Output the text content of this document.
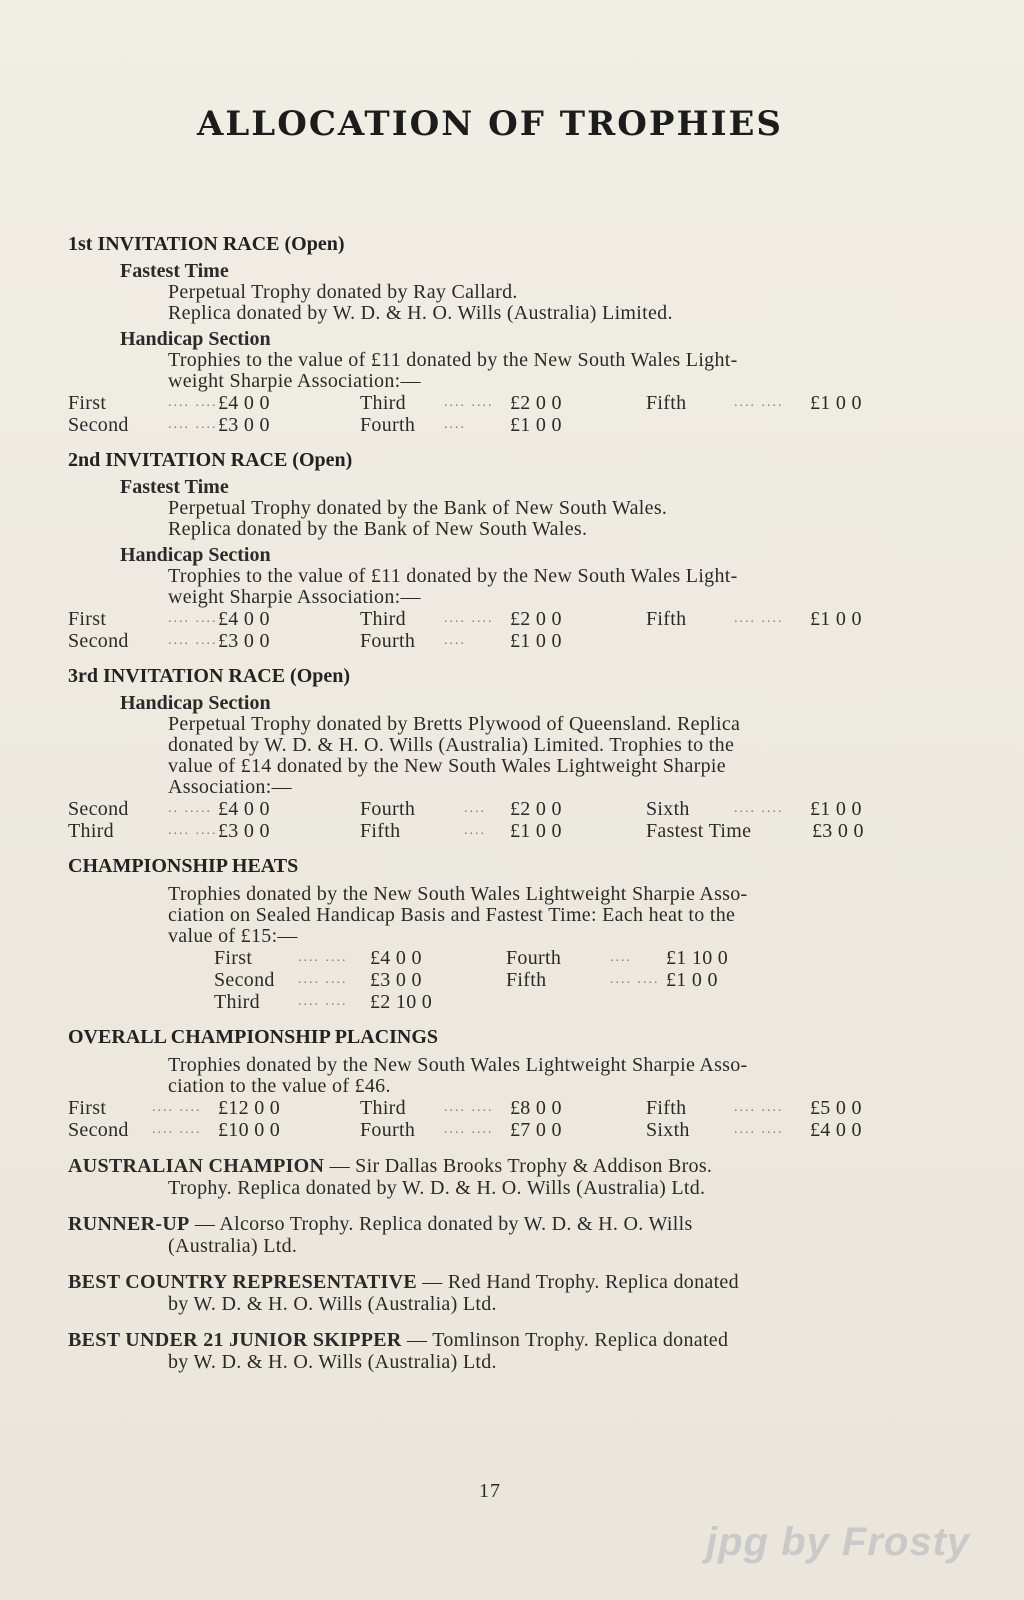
ALLOCATION OF TROPHIES

1st INVITATION RACE (Open)

Fastest Time

Perpetual Trophy donated by Ray Callard.

Replica donated by W. D. & H. O. Wills (Australia) Limited.

Handicap Section

Trophies to the value of £11 donated by the New South Wales Light-

weight Sharpie Association:—

First	.... .... £4 0 0	Third	.... .... £2 0 0	Fifth	.... ....	£1 0 0
Second	.... .... £3 0 0	Fourth	....	£1 0 0

2nd INVITATION RACE (Open)

Fastest Time

Perpetual Trophy donated by the Bank of New South Wales.

Replica donated by the Bank of New South Wales.

Handicap Section

Trophies to the value of £11 donated by the New South Wales Light-

weight Sharpie Association:—

First	.... .... £4 0 0	Third	.... .... £2 0 0	Fifth	.... ....	£1 0 0
Second	.... .... £3 0 0	Fourth	....	£1 0 0

3rd INVITATION RACE (Open)

Handicap Section

Perpetual Trophy donated by Bretts Plywood of Queensland. Replica

donated by W. D. & H. O. Wills (Australia) Limited. Trophies to the

value of £14 donated by the New South Wales Lightweight Sharpie

Association:—

Second	.. ..... £4 0 0	Fourth	....	£2 0 0	Sixth	.... ....	£1 0 0
Third	.... .... £3 0 0	Fifth	....	£1 0 0	Fastest Time	£3 0 0

CHAMPIONSHIP HEATS

Trophies donated by the New South Wales Lightweight Sharpie Asso-

ciation on Sealed Handicap Basis and Fastest Time: Each heat to the

value of £15:—

First	.... ....	£4 0 0	Fourth	....	£1 10 0
Second	.... ....	£3 0 0	Fifth	.... .... £1 0 0
Third	.... ....	£2 10 0

OVERALL CHAMPIONSHIP PLACINGS

Trophies donated by the New South Wales Lightweight Sharpie Asso-

ciation to the value of £46.

First	.... .... £12 0 0	Third	.... .... £8 0 0	Fifth	.... ....	£5 0 0
Second	.... .... £10 0 0	Fourth	.... .... £7 0 0	Sixth	.... ....	£4 0 0

AUSTRALIAN CHAMPION — Sir Dallas Brooks Trophy & Addison Bros.
Trophy. Replica donated by W. D. & H. O. Wills (Australia) Ltd.

RUNNER-UP — Alcorso Trophy. Replica donated by W. D. & H. O. Wills
(Australia) Ltd.

BEST COUNTRY REPRESENTATIVE — Red Hand Trophy. Replica donated
by W. D. & H. O. Wills (Australia) Ltd.

BEST UNDER 21 JUNIOR SKIPPER — Tomlinson Trophy. Replica donated
by W. D. & H. O. Wills (Australia) Ltd.

17
jpg by Frosty
